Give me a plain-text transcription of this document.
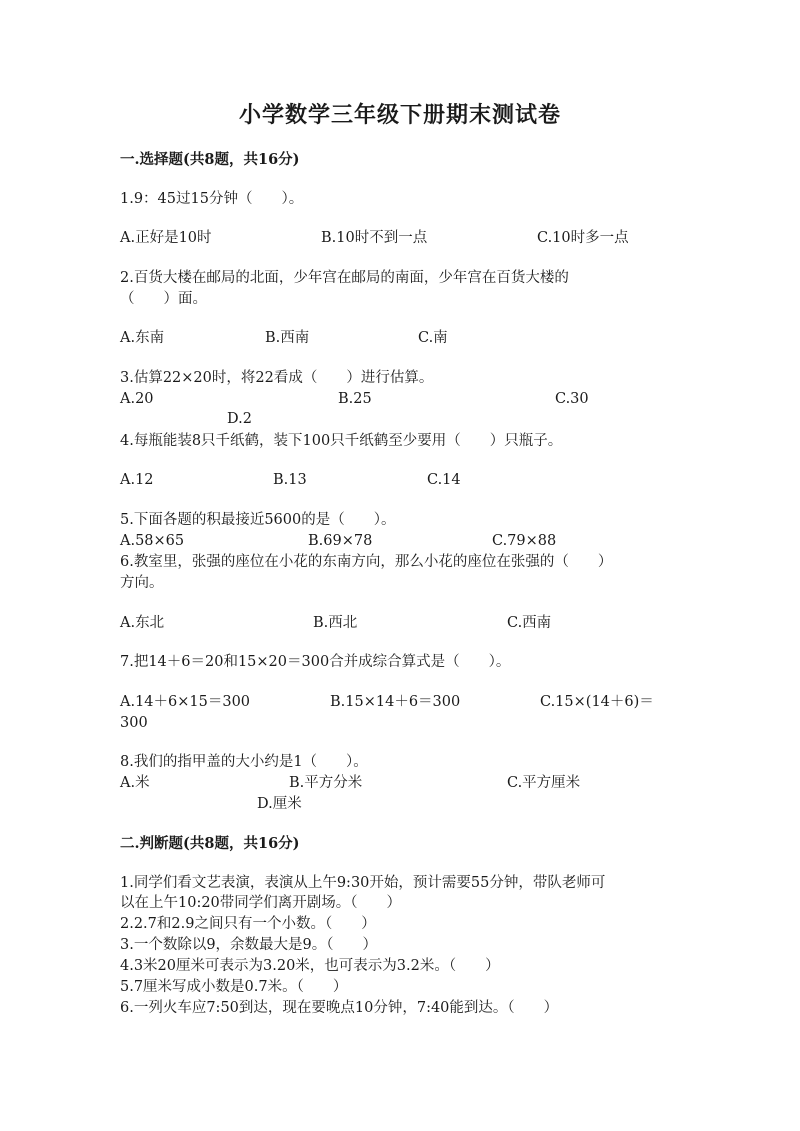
小学数学三年级下册期末测试卷
一.选择题(共8题，共16分)
1.9：45过15分钟（　　）。
A.正好是10时	B.10时不到一点	C.10时多一点
2.百货大楼在邮局的北面，少年宫在邮局的南面，少年宫在百货大楼的
（　　）面。
A.东南	B.西南	C.南
3.估算22×20时，将22看成（　　）进行估算。
A.20	B.25	C.30
D.2
4.每瓶能装8只千纸鹤，装下100只千纸鹤至少要用（　　）只瓶子。
A.12	B.13	C.14
5.下面各题的积最接近5600的是（　　）。
A.58×65	B.69×78	C.79×88
6.教室里，张强的座位在小花的东南方向，那么小花的座位在张强的（　　）
方向。
A.东北	B.西北	C.西南
7.把14＋6＝20和15×20＝300合并成综合算式是（　　）。
A.14＋6×15＝300	B.15×14＋6＝300	C.15×(14＋6)＝
300
8.我们的指甲盖的大小约是1（　　）。
A.米	B.平方分米	C.平方厘米
D.厘米
二.判断题(共8题，共16分)
1.同学们看文艺表演，表演从上午9:30开始，预计需要55分钟，带队老师可
以在上午10:20带同学们离开剧场。（　　）
2.2.7和2.9之间只有一个小数。（　　）
3.一个数除以9，余数最大是9。（　　）
4.3米20厘米可表示为3.20米，也可表示为3.2米。（　　）
5.7厘米写成小数是0.7米。（　　）
6.一列火车应7:50到达，现在要晚点10分钟，7:40能到达。（　　）
